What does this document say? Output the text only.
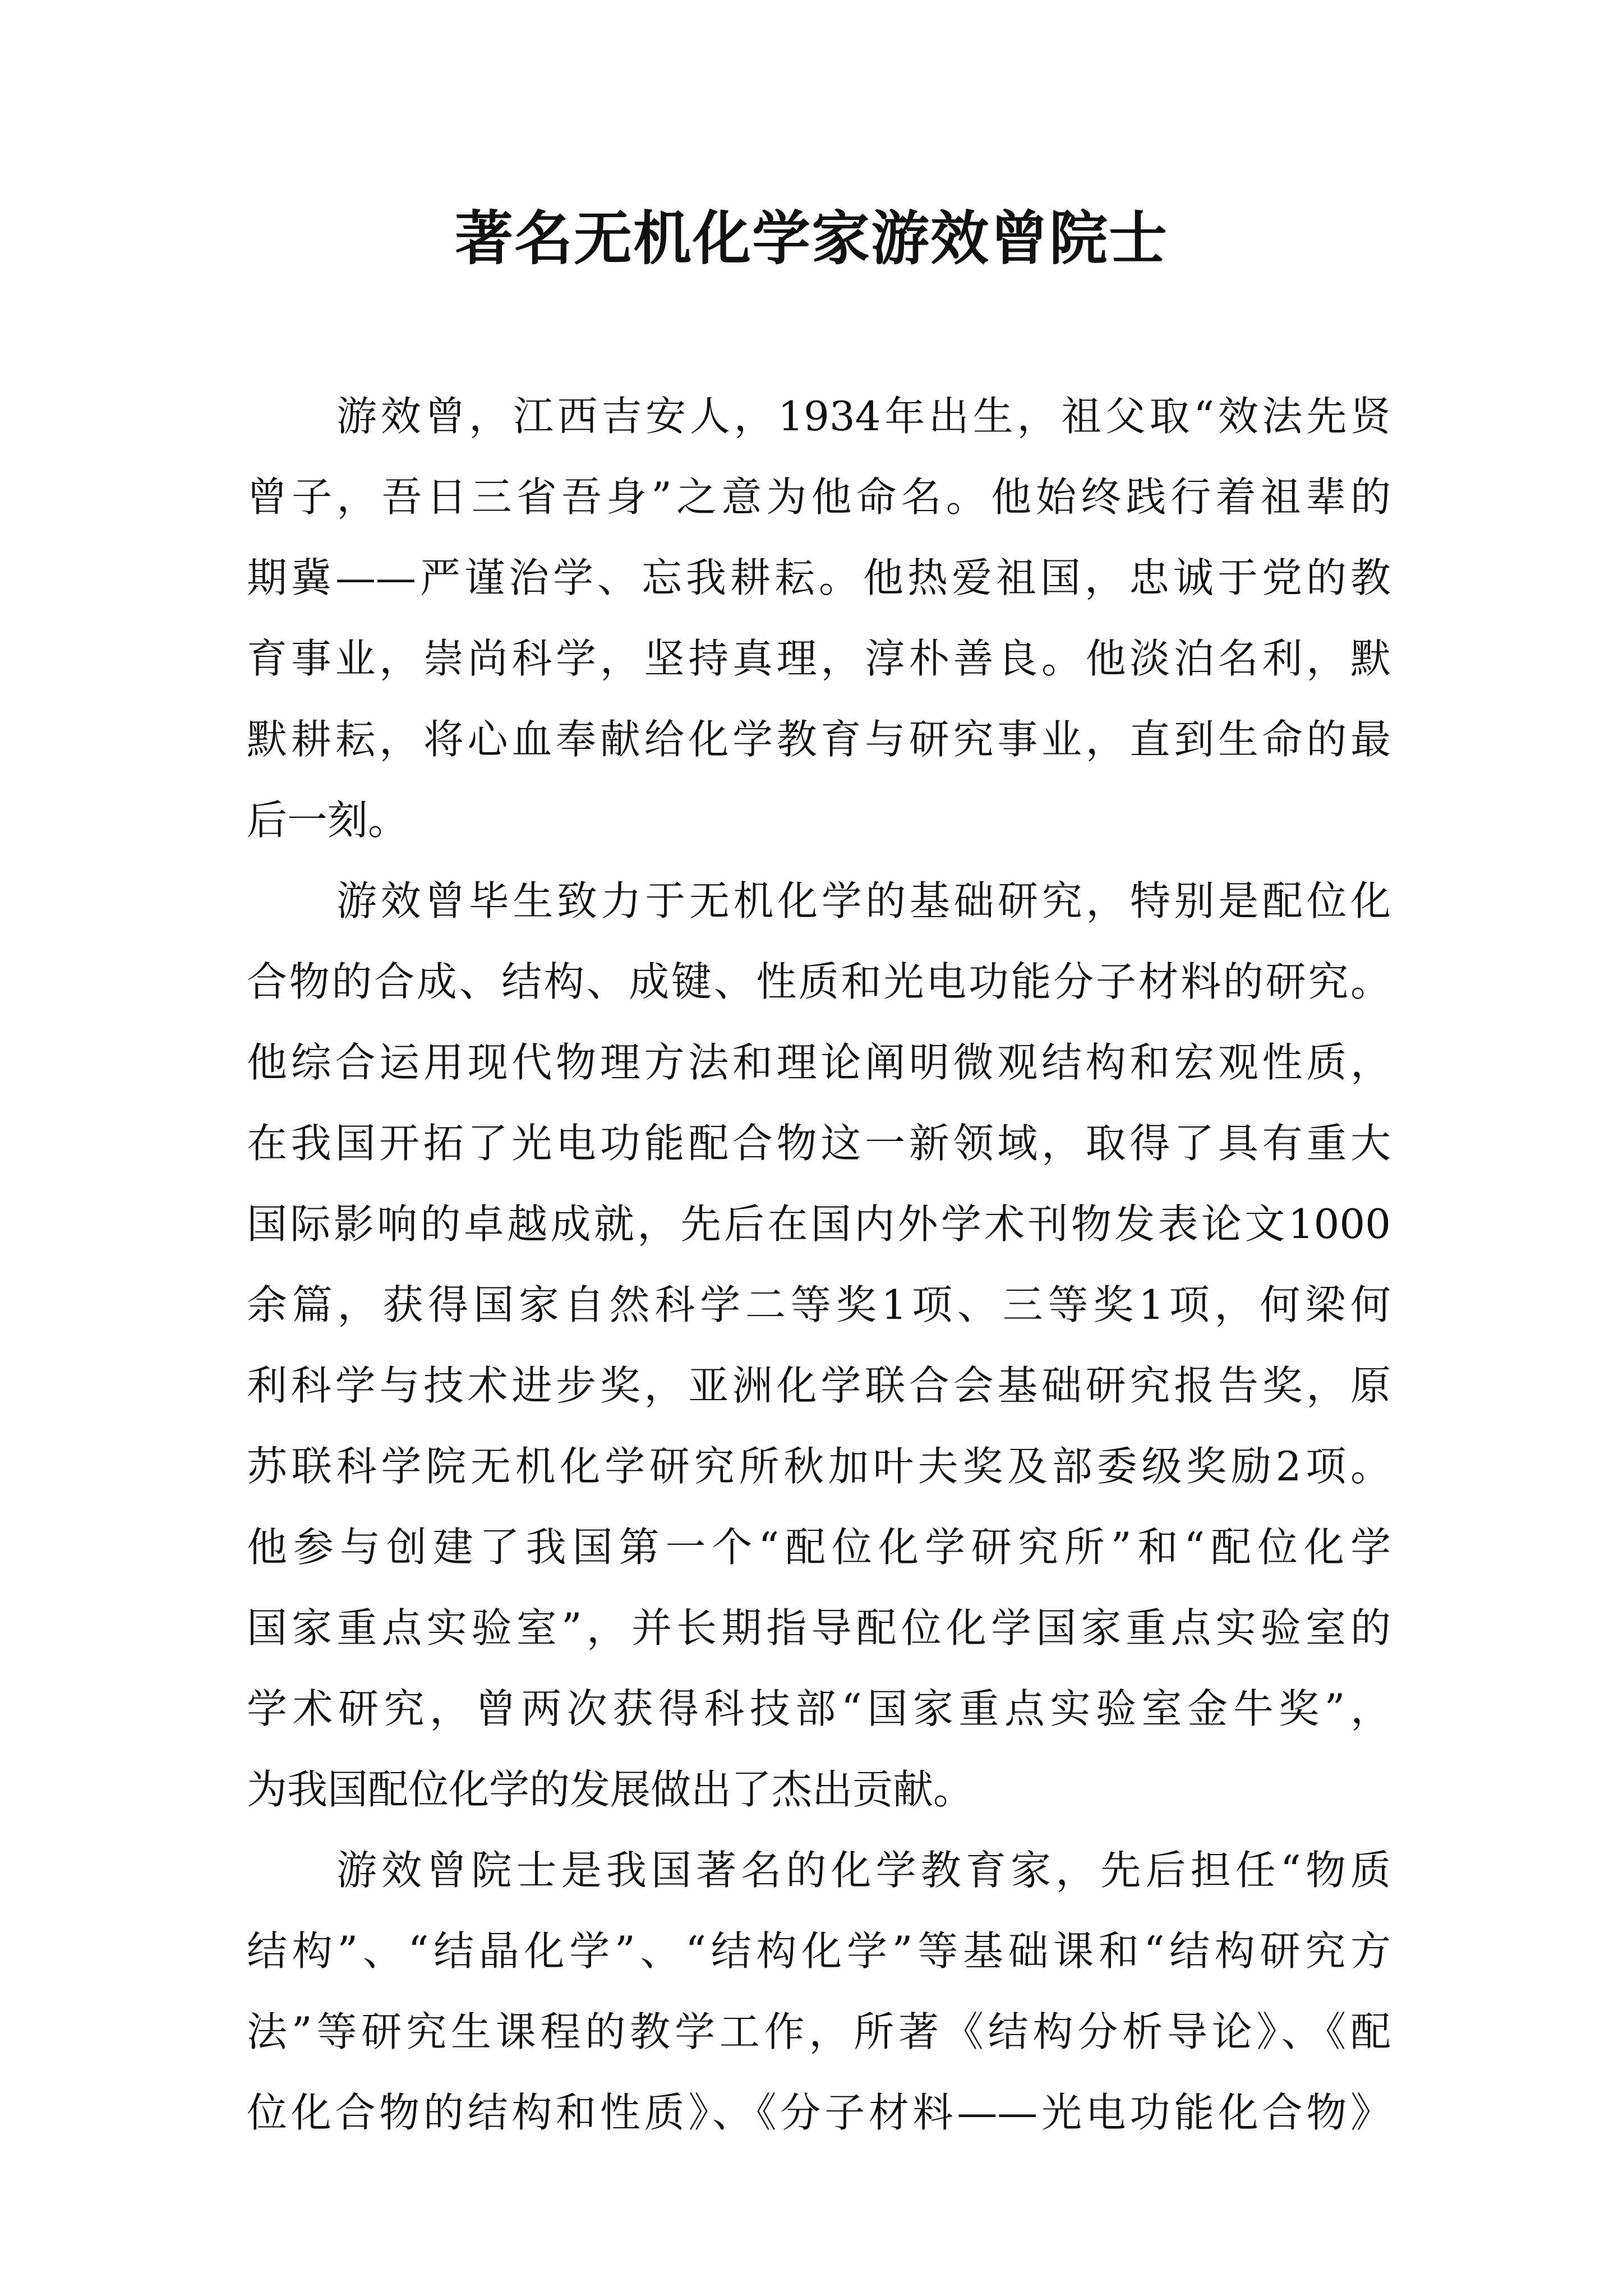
著名无机化学家游效曾院士
游效曾，江西吉安人，1934年出生，祖父取“效法先贤
曾子，吾日三省吾身”之意为他命名。他始终践行着祖辈的
期冀——严谨治学、忘我耕耘。他热爱祖国，忠诚于党的教
育事业，崇尚科学，坚持真理，淳朴善良。他淡泊名利，默
默耕耘，将心血奉献给化学教育与研究事业，直到生命的最
后一刻。
游效曾毕生致力于无机化学的基础研究，特别是配位化
合物的合成、结构、成键、性质和光电功能分子材料的研究。
他综合运用现代物理方法和理论阐明微观结构和宏观性质，
在我国开拓了光电功能配合物这一新领域，取得了具有重大
国际影响的卓越成就，先后在国内外学术刊物发表论文1000
余篇，获得国家自然科学二等奖1项、三等奖1项，何梁何
利科学与技术进步奖，亚洲化学联合会基础研究报告奖，原
苏联科学院无机化学研究所秋加叶夫奖及部委级奖励2项。
他参与创建了我国第一个“配位化学研究所”和“配位化学
国家重点实验室”，并长期指导配位化学国家重点实验室的
学术研究，曾两次获得科技部“国家重点实验室金牛奖”，
为我国配位化学的发展做出了杰出贡献。
游效曾院士是我国著名的化学教育家，先后担任“物质
结构”、“结晶化学”、“结构化学”等基础课和“结构研究方
法”等研究生课程的教学工作，所著《结构分析导论》、《配
位化合物的结构和性质》、《分子材料——光电功能化合物》
